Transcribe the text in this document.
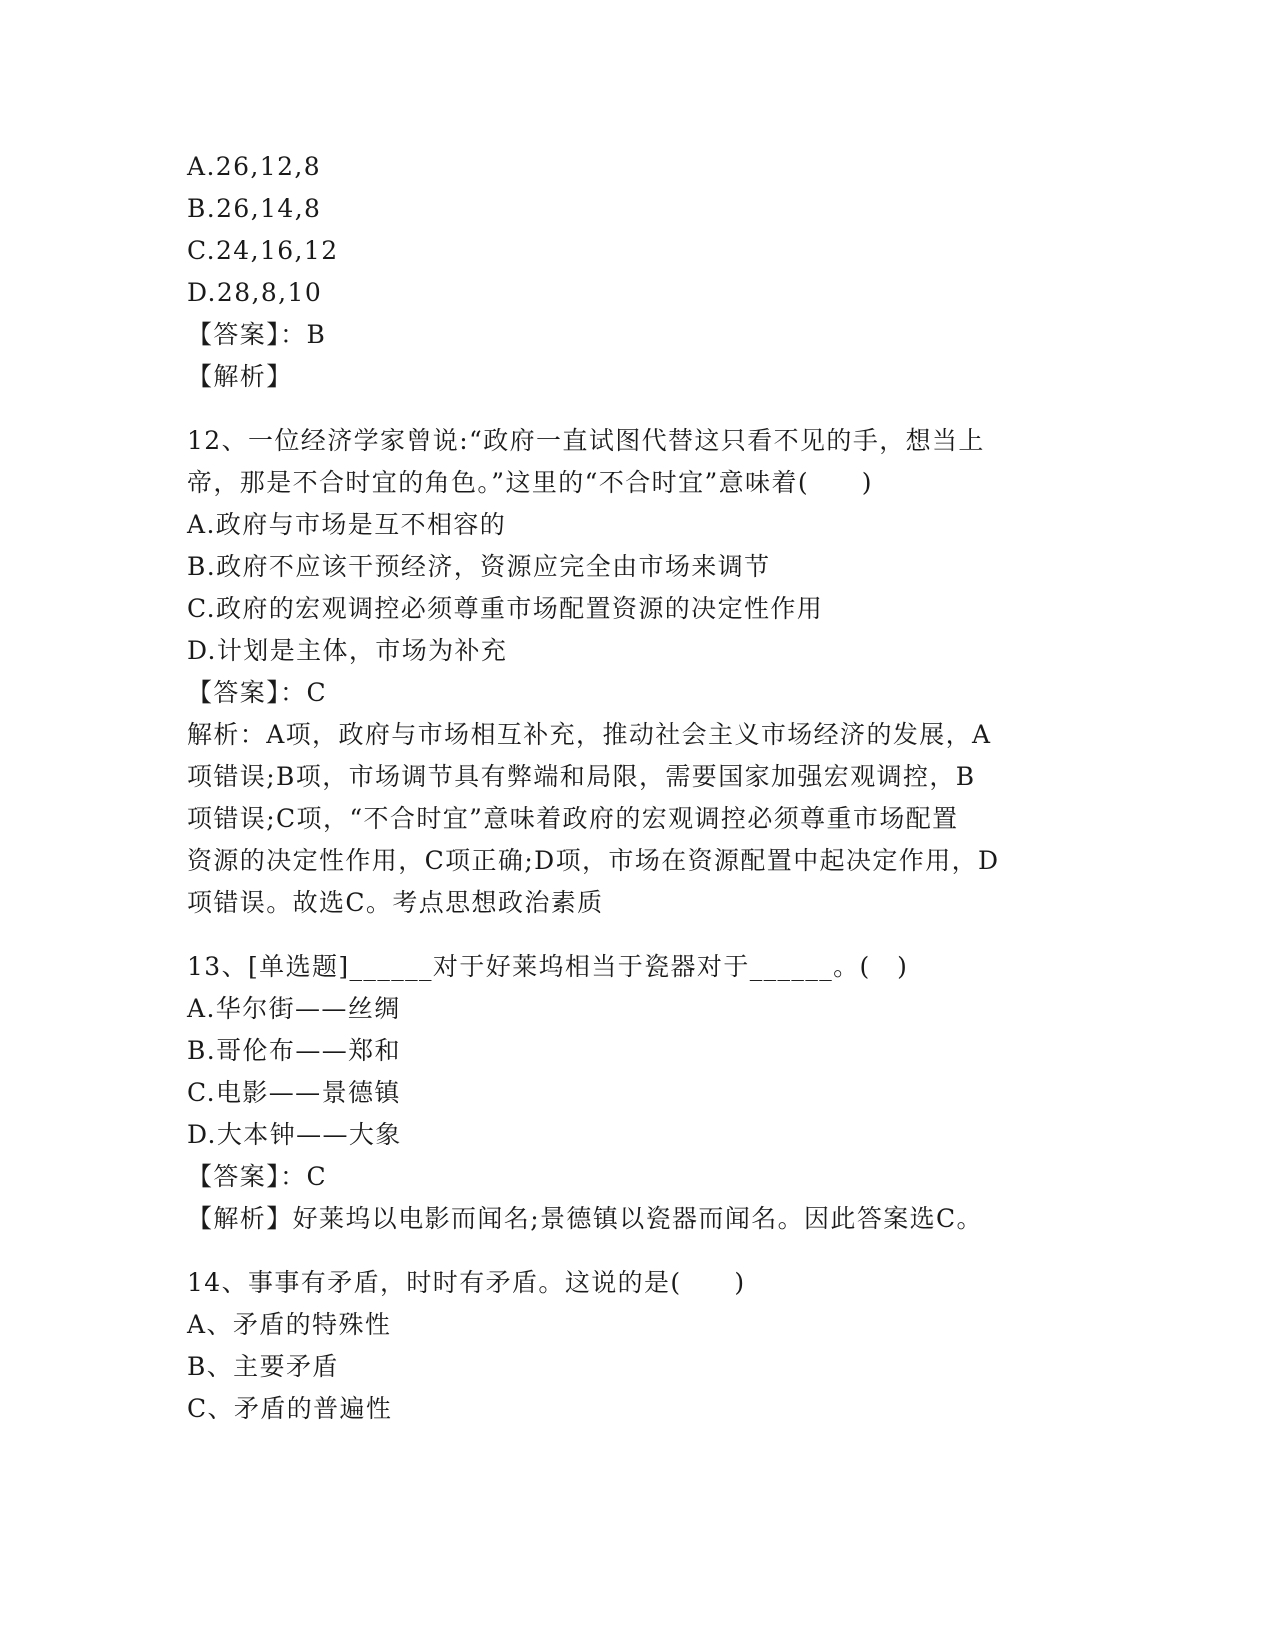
A.26,12,8
B.26,14,8
C.24,16,12
D.28,8,10
【答案】：B
【解析】
12、一位经济学家曾说:“政府一直试图代替这只看不见的手，想当上
帝，那是不合时宜的角色。”这里的“不合时宜”意味着(　　)
A.政府与市场是互不相容的
B.政府不应该干预经济，资源应完全由市场来调节
C.政府的宏观调控必须尊重市场配置资源的决定性作用
D.计划是主体，市场为补充
【答案】：C
解析：A项，政府与市场相互补充，推动社会主义市场经济的发展，A
项错误;B项，市场调节具有弊端和局限，需要国家加强宏观调控，B
项错误;C项，“不合时宜”意味着政府的宏观调控必须尊重市场配置
资源的决定性作用，C项正确;D项，市场在资源配置中起决定作用，D
项错误。故选C。考点思想政治素质
13、[单选题]______对于好莱坞相当于瓷器对于______。(　)
A.华尔街——丝绸
B.哥伦布——郑和
C.电影——景德镇
D.大本钟——大象
【答案】：C
【解析】好莱坞以电影而闻名;景德镇以瓷器而闻名。因此答案选C。
14、事事有矛盾，时时有矛盾。这说的是(　　)
A、矛盾的特殊性
B、主要矛盾
C、矛盾的普遍性
